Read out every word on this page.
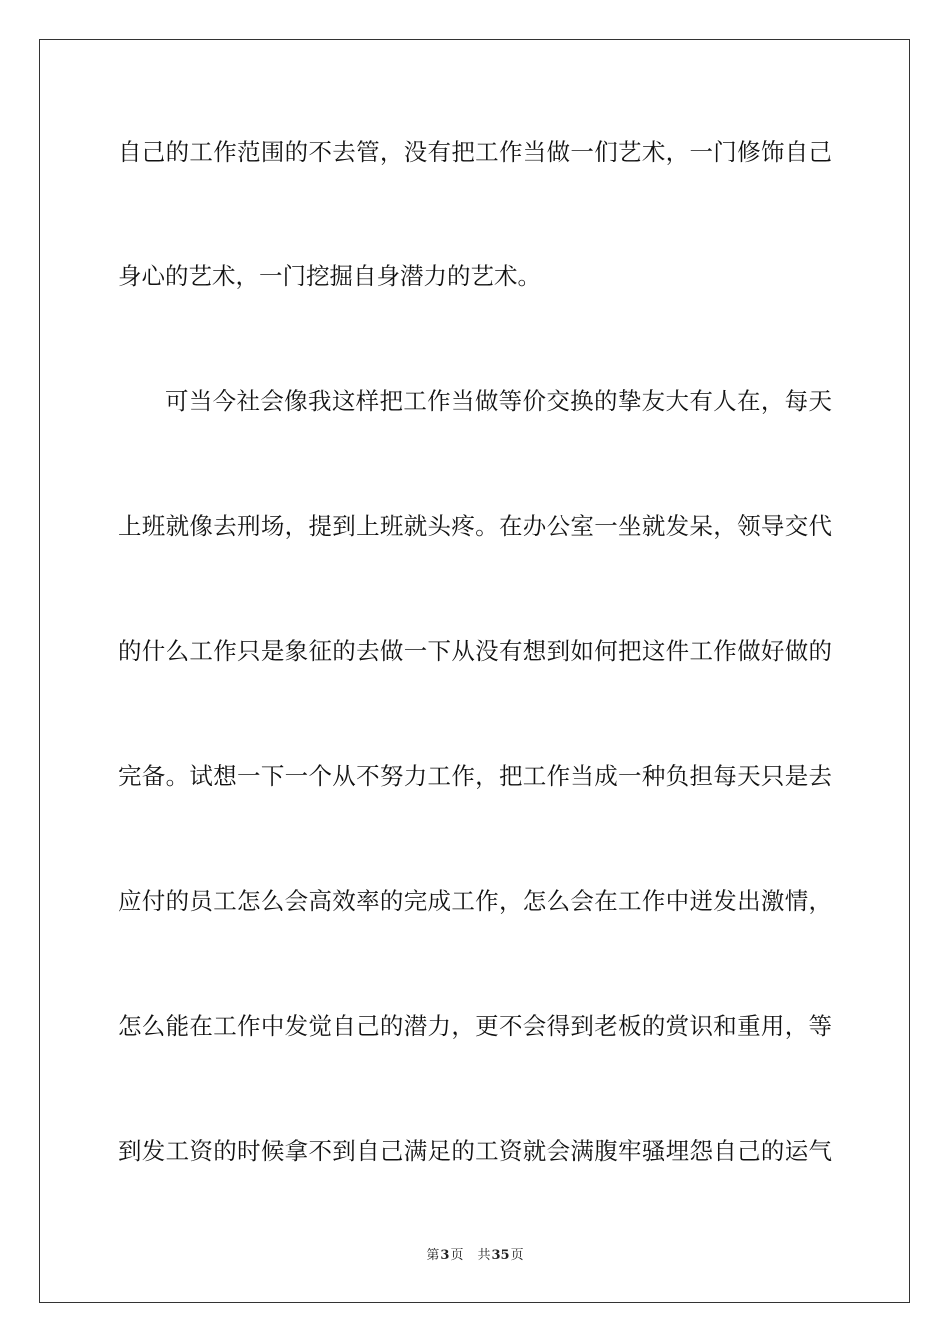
自己的工作范围的不去管，没有把工作当做一们艺术，一门修饰自己
身心的艺术，一门挖掘自身潜力的艺术。
可当今社会像我这样把工作当做等价交换的挚友大有人在，每天
上班就像去刑场，提到上班就头疼。在办公室一坐就发呆，领导交代
的什么工作只是象征的去做一下从没有想到如何把这件工作做好做的
完备。试想一下一个从不努力工作，把工作当成一种负担每天只是去
应付的员工怎么会高效率的完成工作，怎么会在工作中迸发出激情，
怎么能在工作中发觉自己的潜力，更不会得到老板的赏识和重用，等
到发工资的时候拿不到自己满足的工资就会满腹牢骚埋怨自己的运气
第3页 共35页
